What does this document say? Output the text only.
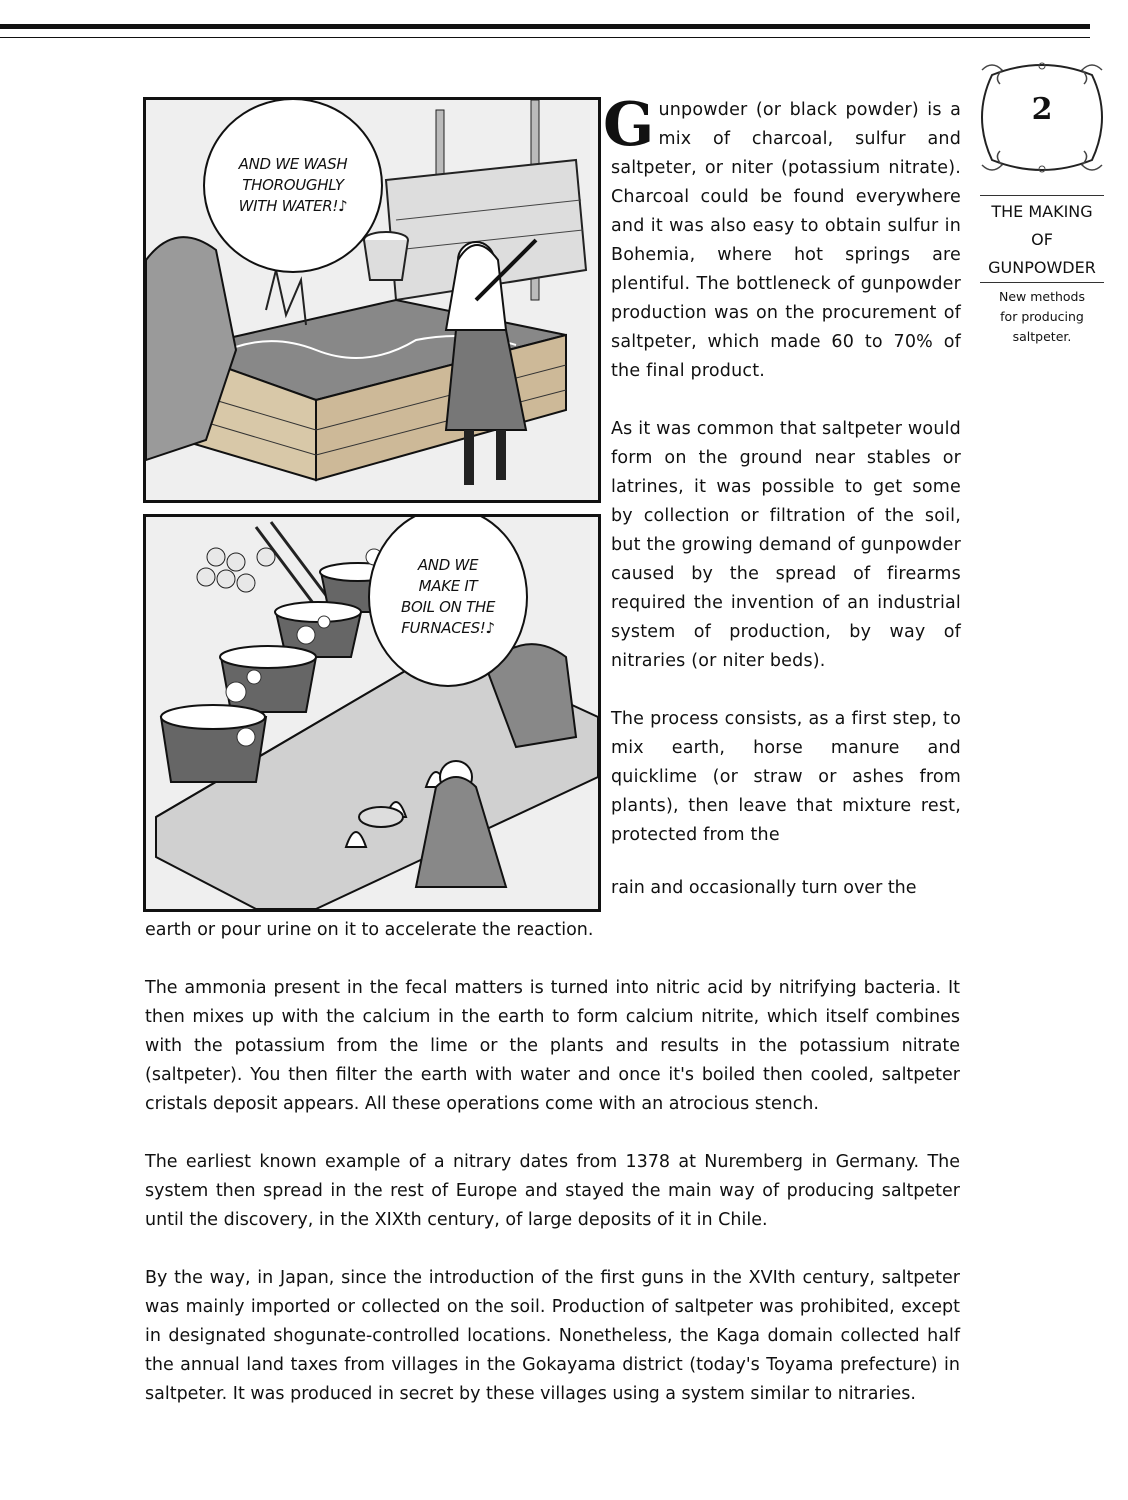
AND WE WASH
THOROUGHLY
WITH WATER!♪
AND WE
MAKE IT
BOIL ON THE
FURNACES!♪
2
THE MAKING
OF
GUNPOWDER
New methods
for producing
saltpeter.

Gunpowder (or black powder) is a mix of charcoal, sulfur and saltpeter, or niter (potassium nitrate). Charcoal could be found everywhere and it was also easy to obtain sulfur in Bohemia, where hot springs are plentiful. The bottleneck of gunpowder production was on the procurement of saltpeter, which made 60 to 70% of the final product.

As it was common that saltpeter would form on the ground near stables or latrines, it was possible to get some by collection or filtration of the soil, but the growing demand of gunpowder caused by the spread of firearms required the invention of an industrial system of production, by way of nitraries (or niter beds).

The process consists, as a first step, to mix earth, horse manure and quicklime (or straw or ashes from plants), then leave that mixture rest, protected from the

rain and occasionally turn over the

earth or pour urine on it to accelerate the reaction.

The ammonia present in the fecal matters is turned into nitric acid by nitrifying bacteria. It then mixes up with the calcium in the earth to form calcium nitrite, which itself combines with the potassium from the lime or the plants and results in the potassium nitrate (saltpeter). You then filter the earth with water and once it's boiled then cooled, saltpeter cristals deposit appears. All these operations come with an atrocious stench.

The earliest known example of a nitrary dates from 1378 at Nuremberg in Germany. The system then spread in the rest of Europe and stayed the main way of producing saltpeter until the discovery, in the XIXth century, of large deposits of it in Chile.

By the way, in Japan, since the introduction of the first guns in the XVIth century, saltpeter was mainly imported or collected on the soil. Production of saltpeter was prohibited, except in designated shogunate-controlled locations. Nonetheless, the Kaga domain collected half the annual land taxes from villages in the Gokayama district (today's Toyama prefecture) in saltpeter. It was produced in secret by these villages using a system similar to nitraries.
